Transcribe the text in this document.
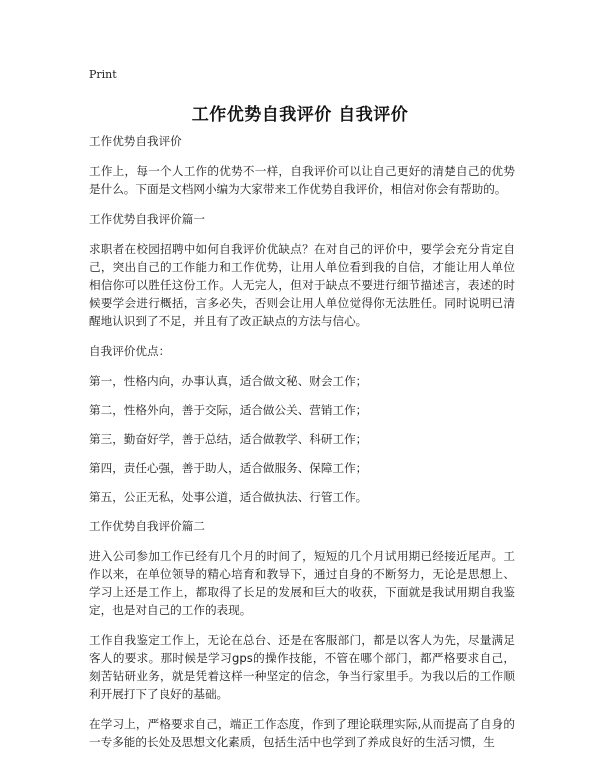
Print
工作优势自我评价 自我评价

工作优势自我评价

工作上，每一个人工作的优势不一样，自我评价可以让自己更好的清楚自己的优势是什么。下面是文档网小编为大家带来工作优势自我评价，相信对你会有帮助的。

工作优势自我评价篇一

求职者在校园招聘中如何自我评价优缺点？在对自己的评价中，要学会充分肯定自己，突出自己的工作能力和工作优势，让用人单位看到我的自信，才能让用人单位相信你可以胜任这份工作。人无完人，但对于缺点不要进行细节描述言，表述的时候要学会进行概括，言多必失，否则会让用人单位觉得你无法胜任。同时说明已清醒地认识到了不足，并且有了改正缺点的方法与信心。

自我评价优点：

第一，性格内向，办事认真，适合做文秘、财会工作；

第二，性格外向，善于交际，适合做公关、营销工作；

第三，勤奋好学，善于总结，适合做教学、科研工作；

第四，责任心强，善于助人，适合做服务、保障工作；

第五，公正无私，处事公道，适合做执法、行管工作。

工作优势自我评价篇二

进入公司参加工作已经有几个月的时间了，短短的几个月试用期已经接近尾声。工作以来，在单位领导的精心培育和教导下，通过自身的不断努力，无论是思想上、学习上还是工作上，都取得了长足的发展和巨大的收获，下面就是我试用期自我鉴定，也是对自己的工作的表现。

工作自我鉴定工作上，无论在总台、还是在客服部门，都是以客人为先，尽量满足客人的要求。那时候是学习gps的操作技能，不管在哪个部门，都严格要求自己，刻苦钻研业务，就是凭着这样一种坚定的信念，争当行家里手。为我以后的工作顺利开展打下了良好的基础。

在学习上，严格要求自己，端正工作态度，作到了理论联理实际,从而提高了自身的一专多能的长处及思想文化素质，包括生活中也学到了养成良好的生活习惯，生
